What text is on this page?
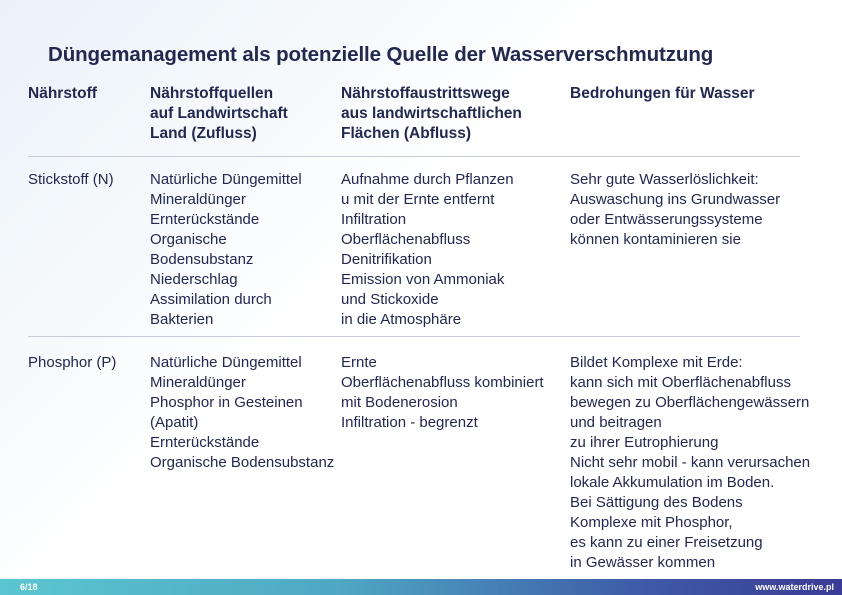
Düngemanagement als potenzielle Quelle der Wasserverschmutzung
Nährstoff	Nährstoffquellen
auf Landwirtschaft
Land (Zufluss)
Nährstoffaustrittswege
aus landwirtschaftlichen
Flächen (Abfluss)
Bedrohungen für Wasser
Stickstoff (N) Natürliche Düngemittel
Mineraldünger
Ernterückstände
Organische
Bodensubstanz
Niederschlag
Assimilation durch
Bakterien
Aufnahme durch Pflanzen
u mit der Ernte entfernt
Infiltration
Oberflächenabfluss
Denitrifikation
Emission von Ammoniak
und Stickoxide
in die Atmosphäre
Sehr gute Wasserlöslichkeit:
Auswaschung ins Grundwasser
oder Entwässerungssysteme
können kontaminieren sie
Phosphor (P) Natürliche Düngemittel
Mineraldünger
Phosphor in Gesteinen
(Apatit)
Ernterückstände
Organische Bodensubstanz
Ernte
Oberflächenabfluss kombiniert
mit Bodenerosion
Infiltration - begrenzt
Bildet Komplexe mit Erde:
kann sich mit Oberflächenabfluss
bewegen zu Oberflächengewässern
und beitragen
zu ihrer Eutrophierung
Nicht sehr mobil - kann verursachen
lokale Akkumulation im Boden.
Bei Sättigung des Bodens
Komplexe mit Phosphor,
es kann zu einer Freisetzung
in Gewässer kommen
6/18	www.waterdrive.pl
